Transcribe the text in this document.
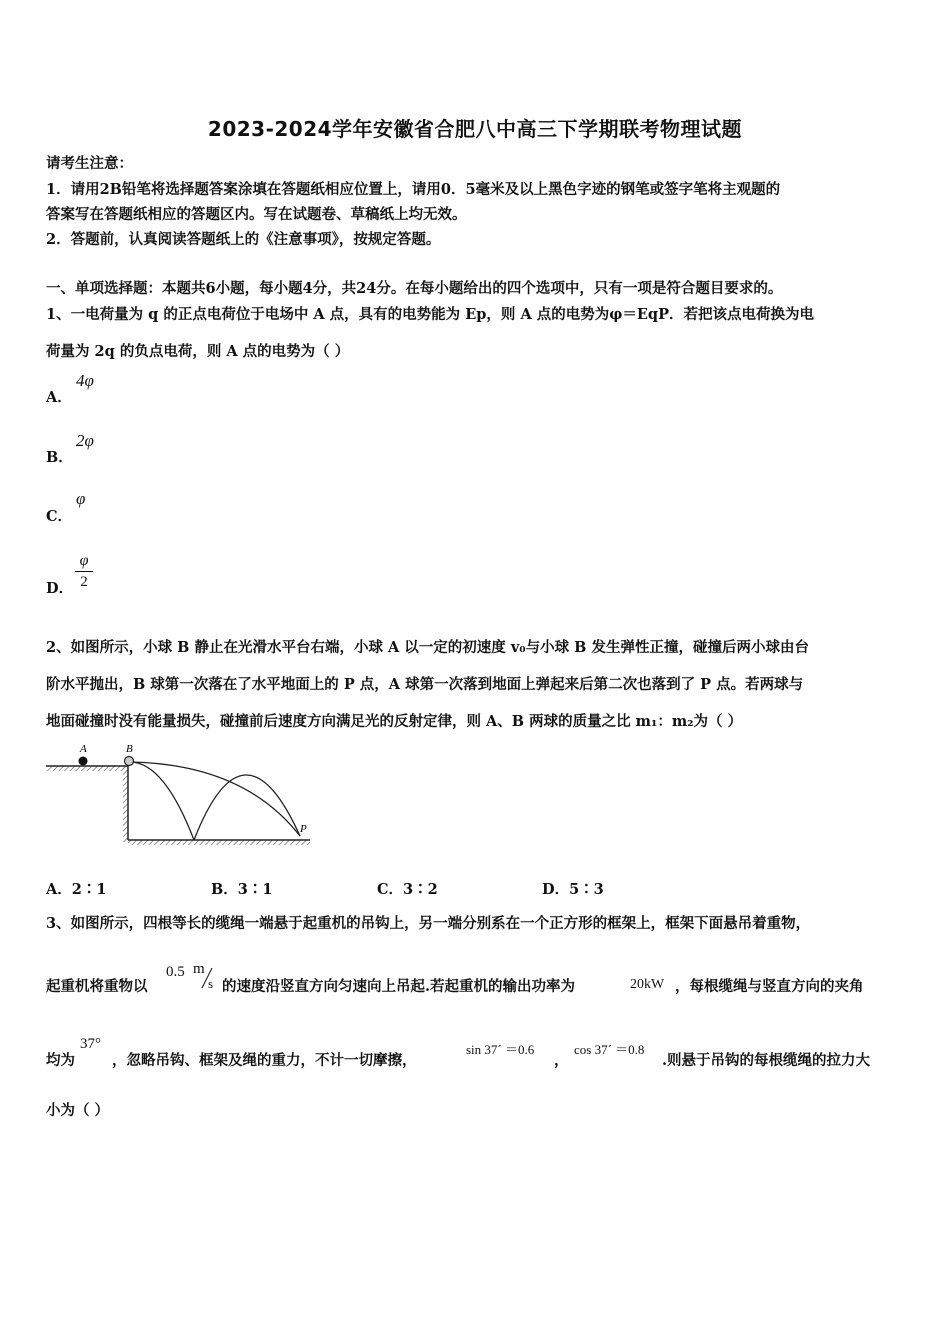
2023-2024学年安徽省合肥八中高三下学期联考物理试题
请考生注意：
1．请用2B铅笔将选择题答案涂填在答题纸相应位置上，请用0．5毫米及以上黑色字迹的钢笔或签字笔将主观题的
答案写在答题纸相应的答题区内。写在试题卷、草稿纸上均无效。
2．答题前，认真阅读答题纸上的《注意事项》，按规定答题。
一、单项选择题：本题共6小题，每小题4分，共24分。在每小题给出的四个选项中，只有一项是符合题目要求的。
1、一电荷量为 q 的正点电荷位于电场中 A 点，具有的电势能为 Ep，则 A 点的电势为φ＝EqP．若把该点电荷换为电
荷量为 2q 的负点电荷，则 A 点的电势为（ ）
A．
4φ
B．
2φ
C．
φ
D． $\frac{\varphi}{2}$
2、如图所示，小球 B 静止在光滑水平台右端，小球 A 以一定的初速度 v₀与小球 B 发生弹性正撞，碰撞后两小球由台
阶水平抛出，B 球第一次落在了水平地面上的 P 点，A 球第一次落到地面上弹起来后第二次也落到了 P 点。若两球与
地面碰撞时没有能量损失，碰撞前后速度方向满足光的反射定律，则 A、B 两球的质量之比 m₁：m₂为（ ）
A	B
P
A．2∶1	B．3∶1	C．3∶2	D．5∶3
3、如图所示，四根等长的缆绳一端悬于起重机的吊钩上，另一端分别系在一个正方形的框架上，框架下面悬吊着重物，
起重机将重物以
0.5 m
s 的速度沿竖直方向匀速向上吊起.若起重机的输出功率为	20kW ，每根缆绳与竖直方向的夹角
均为
37°
，忽略吊钩、框架及绳的重力，不计一切摩擦，
sin 37ˊ ＝0.6
，
cos 37ˊ ＝0.8
.则悬于吊钩的每根缆绳的拉力大
小为（ ）
